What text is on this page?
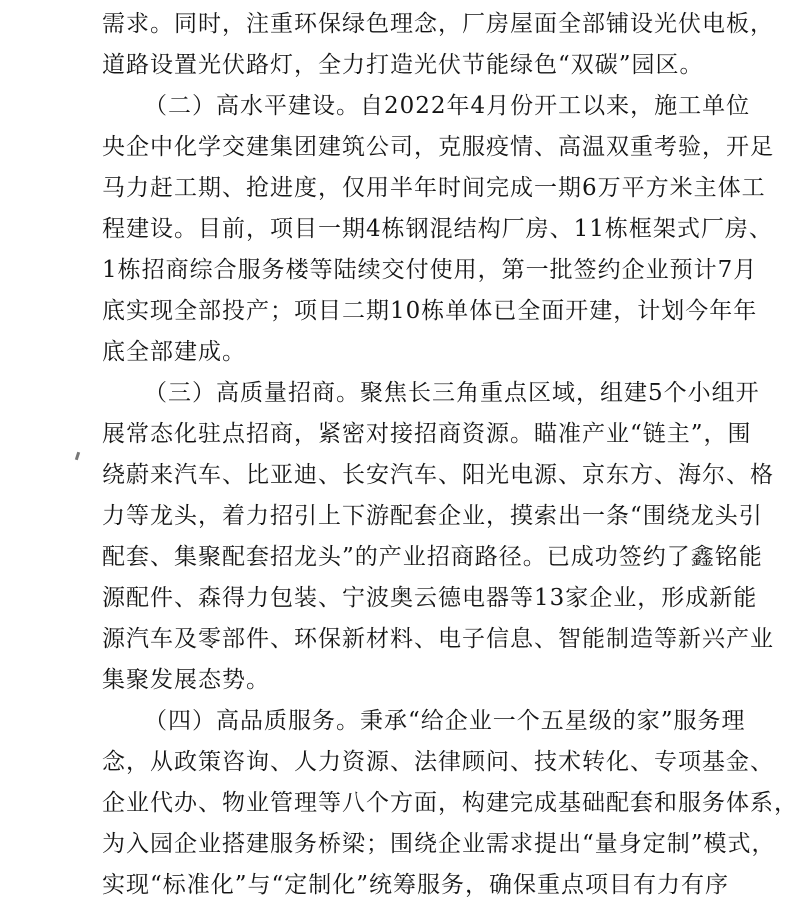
需求。同时，注重环保绿色理念，厂房屋面全部铺设光伏电板，
道路设置光伏路灯，全力打造光伏节能绿色“双碳”园区。
（二）高水平建设。自2022年4月份开工以来，施工单位
央企中化学交建集团建筑公司，克服疫情、高温双重考验，开足
马力赶工期、抢进度，仅用半年时间完成一期6万平方米主体工
程建设。目前，项目一期4栋钢混结构厂房、11栋框架式厂房、
1栋招商综合服务楼等陆续交付使用，第一批签约企业预计7月
底实现全部投产；项目二期10栋单体已全面开建，计划今年年
底全部建成。
（三）高质量招商。聚焦长三角重点区域，组建5个小组开
展常态化驻点招商，紧密对接招商资源。瞄准产业“链主”，围
绕蔚来汽车、比亚迪、长安汽车、阳光电源、京东方、海尔、格
力等龙头，着力招引上下游配套企业，摸索出一条“围绕龙头引
配套、集聚配套招龙头”的产业招商路径。已成功签约了鑫铭能
源配件、森得力包装、宁波奥云德电器等13家企业，形成新能
源汽车及零部件、环保新材料、电子信息、智能制造等新兴产业
集聚发展态势。
（四）高品质服务。秉承“给企业一个五星级的家”服务理
念，从政策咨询、人力资源、法律顾问、技术转化、专项基金、
企业代办、物业管理等八个方面，构建完成基础配套和服务体系，
为入园企业搭建服务桥梁；围绕企业需求提出“量身定制”模式，
实现“标准化”与“定制化”统筹服务，确保重点项目有力有序
